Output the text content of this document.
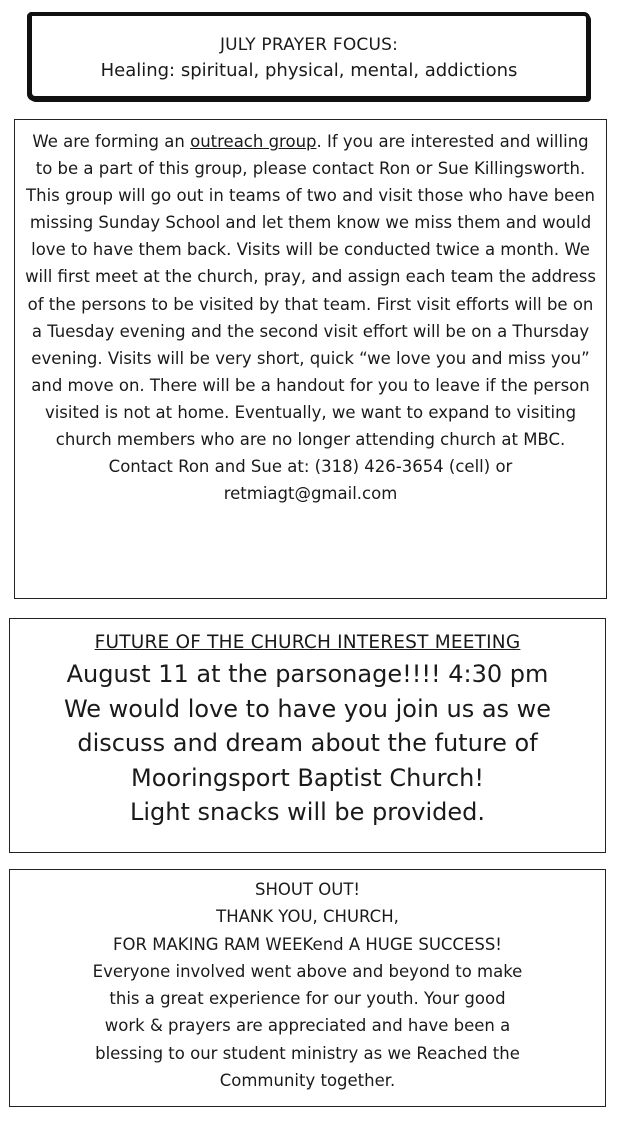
JULY PRAYER FOCUS:
Healing: spiritual, physical, mental, addictions

We are forming an outreach group. If you are interested and willing to be a part of this group, please contact Ron or Sue Killingsworth. This group will go out in teams of two and visit those who have been missing Sunday School and let them know we miss them and would love to have them back. Visits will be conducted twice a month. We will first meet at the church, pray, and assign each team the address of the persons to be visited by that team. First visit efforts will be on a Tuesday evening and the second visit effort will be on a Thursday evening. Visits will be very short, quick “we love you and miss you” and move on. There will be a handout for you to leave if the person visited is not at home. Eventually, we want to expand to visiting church members who are no longer attending church at MBC. Contact Ron and Sue at: (318) 426-3654 (cell) or retmiagt@gmail.com

FUTURE OF THE CHURCH INTEREST MEETING
August 11 at the parsonage!!!! 4:30 pm
We would love to have you join us as we
discuss and dream about the future of
Mooringsport Baptist Church!
Light snacks will be provided.
SHOUT OUT!
THANK YOU, CHURCH,
FOR MAKING RAM WEEKend A HUGE SUCCESS!
Everyone involved went above and beyond to make
this a great experience for our youth. Your good
work & prayers are appreciated and have been a
blessing to our student ministry as we Reached the
Community together.
